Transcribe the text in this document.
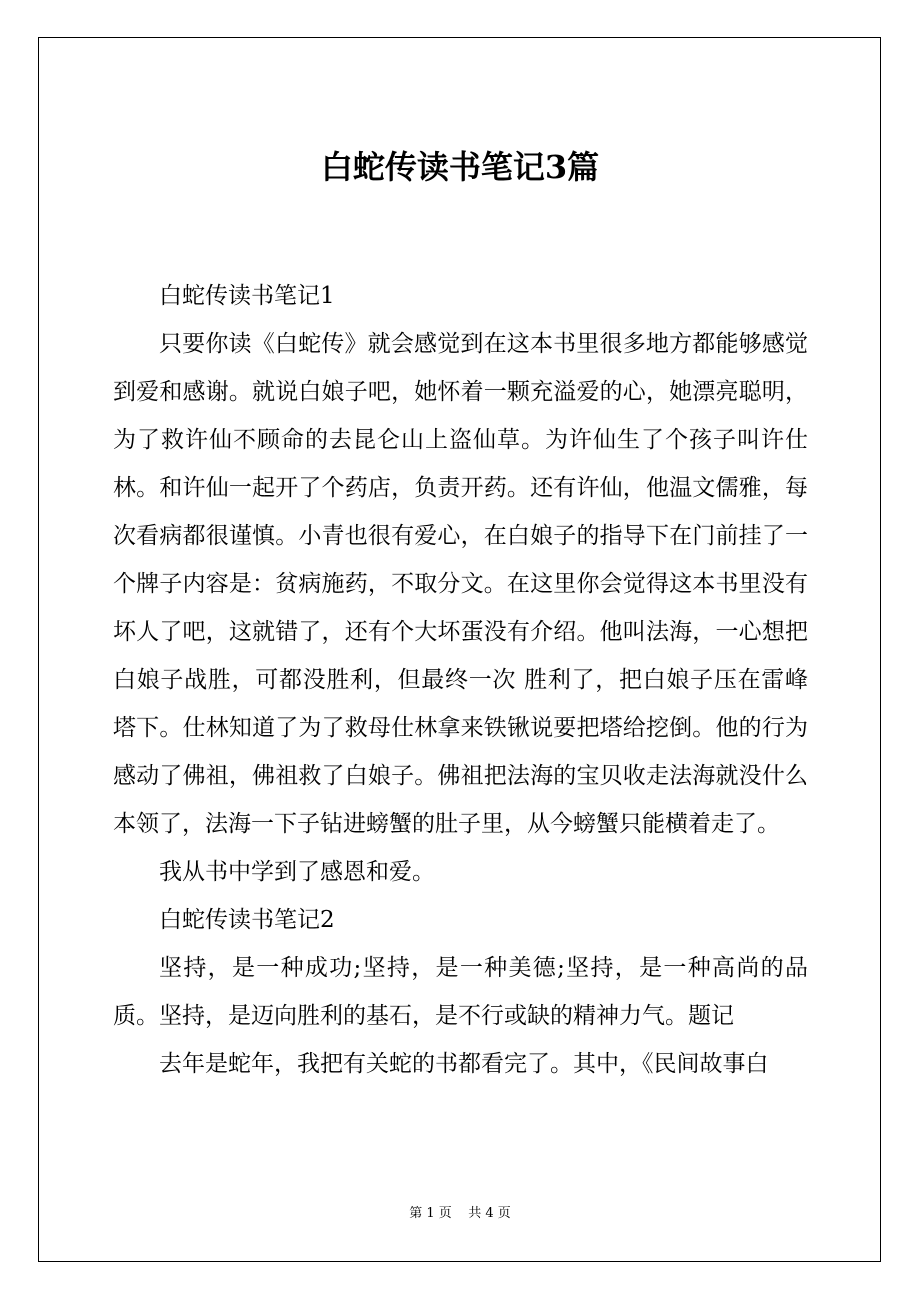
白蛇传读书笔记3篇

白蛇传读书笔记1

只要你读《白蛇传》就会感觉到在这本书里很多地方都能够感觉到爱和感谢。就说白娘子吧，她怀着一颗充溢爱的心，她漂亮聪明，为了救许仙不顾命的去昆仑山上盗仙草。为许仙生了个孩子叫许仕林。和许仙一起开了个药店，负责开药。还有许仙，他温文儒雅，每次看病都很谨慎。小青也很有爱心，在白娘子的指导下在门前挂了一个牌子内容是：贫病施药，不取分文。在这里你会觉得这本书里没有坏人了吧，这就错了，还有个大坏蛋没有介绍。他叫法海，一心想把白娘子战胜，可都没胜利，但最终一次 胜利了，把白娘子压在雷峰塔下。仕林知道了为了救母仕林拿来铁锹说要把塔给挖倒。他的行为感动了佛祖，佛祖救了白娘子。佛祖把法海的宝贝收走法海就没什么本领了，法海一下子钻进螃蟹的肚子里，从今螃蟹只能横着走了。

我从书中学到了感恩和爱。

白蛇传读书笔记2

坚持，是一种成功;坚持，是一种美德;坚持，是一种高尚的品质。坚持，是迈向胜利的基石，是不行或缺的精神力气。题记

去年是蛇年，我把有关蛇的书都看完了。其中，《民间故事白

第 1 页 共 4 页
